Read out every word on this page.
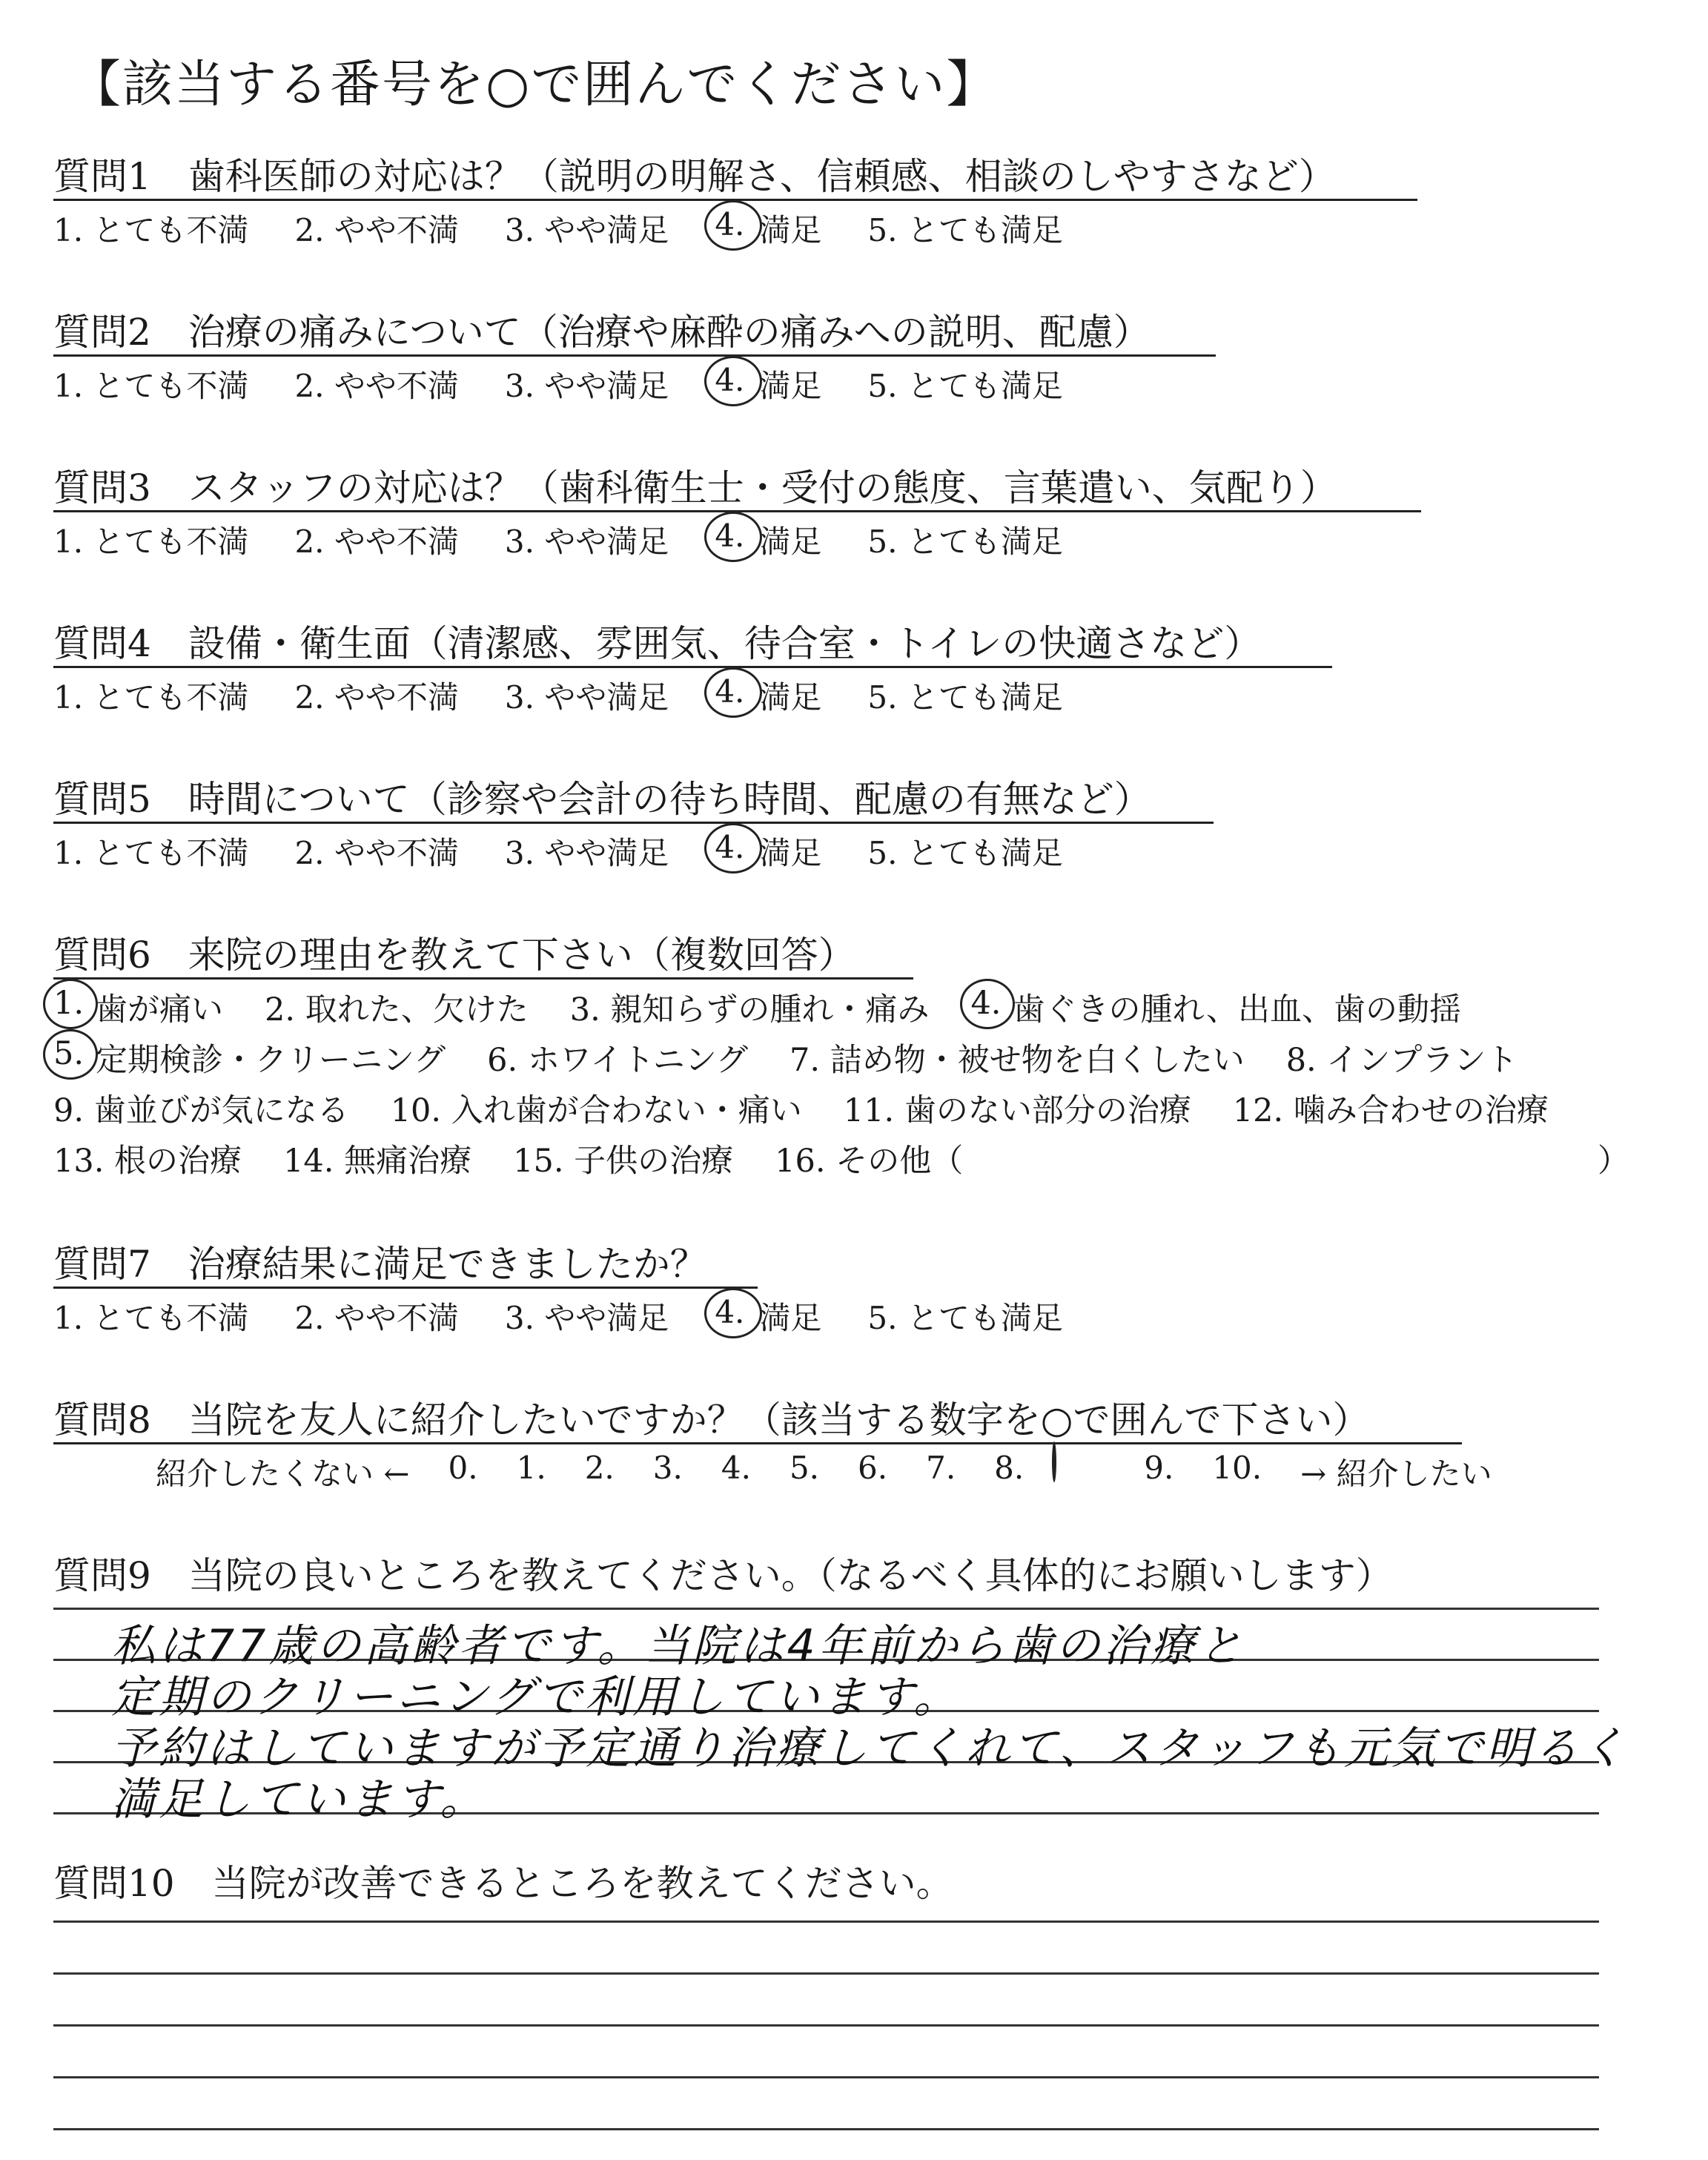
【該当する番号を○で囲んでください】
質問1　歯科医師の対応は？（説明の明解さ、信頼感、相談のしやすさなど）
1. とても不満 2. やや不満 3. やや満足 4. 満足 5. とても満足
質問2　治療の痛みについて（治療や麻酔の痛みへの説明、配慮）
1. とても不満 2. やや不満 3. やや満足 4. 満足 5. とても満足
質問3　スタッフの対応は？（歯科衛生士・受付の態度、言葉遣い、気配り）
1. とても不満 2. やや不満 3. やや満足 4. 満足 5. とても満足
質問4　設備・衛生面（清潔感、雰囲気、待合室・トイレの快適さなど）
1. とても不満 2. やや不満 3. やや満足 4. 満足 5. とても満足
質問5　時間について（診察や会計の待ち時間、配慮の有無など）
1. とても不満 2. やや不満 3. やや満足 4. 満足 5. とても満足
質問6　来院の理由を教えて下さい（複数回答）
1. 歯が痛い 2. 取れた、欠けた 3. 親知らずの腫れ・痛み 4. 歯ぐきの腫れ、出血、歯の動揺
5. 定期検診・クリーニング 6. ホワイトニング 7. 詰め物・被せ物を白くしたい 8. インプラント
9. 歯並びが気になる 10. 入れ歯が合わない・痛い 11. 歯のない部分の治療 12. 噛み合わせの治療
13. 根の治療 14. 無痛治療 15. 子供の治療 16. その他（	）
質問7　治療結果に満足できましたか？
1. とても不満 2. やや不満 3. やや満足 4. 満足 5. とても満足
質問8　当院を友人に紹介したいですか？（該当する数字を○で囲んで下さい）
紹介したくない ← 0. 1. 2. 3. 4. 5. 6. 7. 8.	9. 10. → 紹介したい
質問9　当院の良いところを教えてください。（なるべく具体的にお願いします）
私は77歳の高齢者です。当院は4年前から歯の治療と
定期のクリーニングで利用しています。
予約はしていますが予定通り治療してくれて、スタッフも元気で明るく
満足しています。
質問10　当院が改善できるところを教えてください。
